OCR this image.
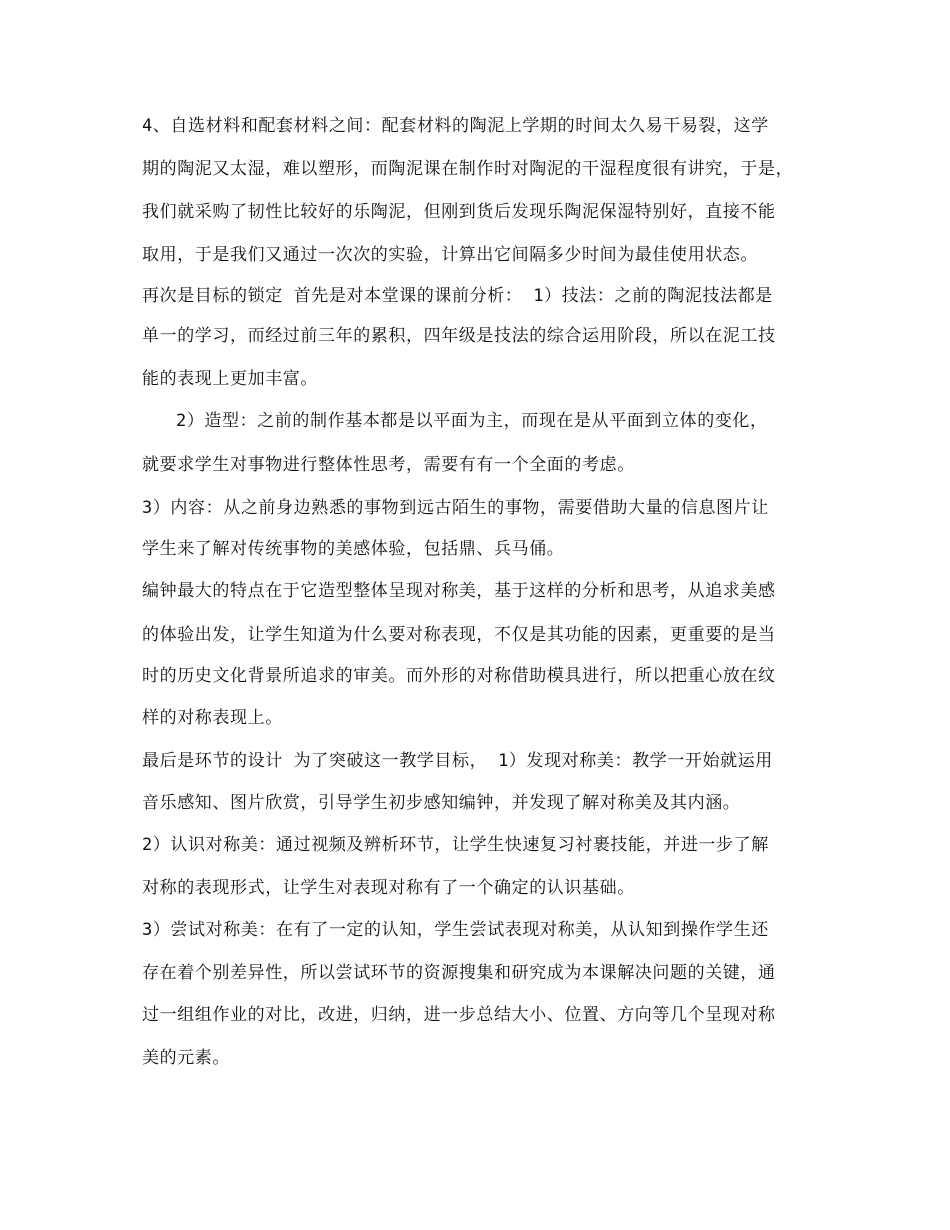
4、自选材料和配套材料之间：配套材料的陶泥上学期的时间太久易干易裂，这学

期的陶泥又太湿，难以塑形，而陶泥课在制作时对陶泥的干湿程度很有讲究，于是，

我们就采购了韧性比较好的乐陶泥，但刚到货后发现乐陶泥保湿特别好，直接不能

取用，于是我们又通过一次次的实验，计算出它间隔多少时间为最佳使用状态。

再次是目标的锁定 首先是对本堂课的课前分析： 1）技法：之前的陶泥技法都是

单一的学习，而经过前三年的累积，四年级是技法的综合运用阶段，所以在泥工技

能的表现上更加丰富。

2）造型：之前的制作基本都是以平面为主，而现在是从平面到立体的变化，

就要求学生对事物进行整体性思考，需要有有一个全面的考虑。

3）内容：从之前身边熟悉的事物到远古陌生的事物，需要借助大量的信息图片让

学生来了解对传统事物的美感体验，包括鼎、兵马俑。

编钟最大的特点在于它造型整体呈现对称美，基于这样的分析和思考，从追求美感

的体验出发，让学生知道为什么要对称表现，不仅是其功能的因素，更重要的是当

时的历史文化背景所追求的审美。而外形的对称借助模具进行，所以把重心放在纹

样的对称表现上。

最后是环节的设计 为了突破这一教学目标， 1）发现对称美：教学一开始就运用

音乐感知、图片欣赏，引导学生初步感知编钟，并发现了解对称美及其内涵。

2）认识对称美：通过视频及辨析环节，让学生快速复习衬裹技能，并进一步了解

对称的表现形式，让学生对表现对称有了一个确定的认识基础。

3）尝试对称美：在有了一定的认知，学生尝试表现对称美，从认知到操作学生还

存在着个别差异性，所以尝试环节的资源搜集和研究成为本课解决问题的关键，通

过一组组作业的对比，改进，归纳，进一步总结大小、位置、方向等几个呈现对称

美的元素。
